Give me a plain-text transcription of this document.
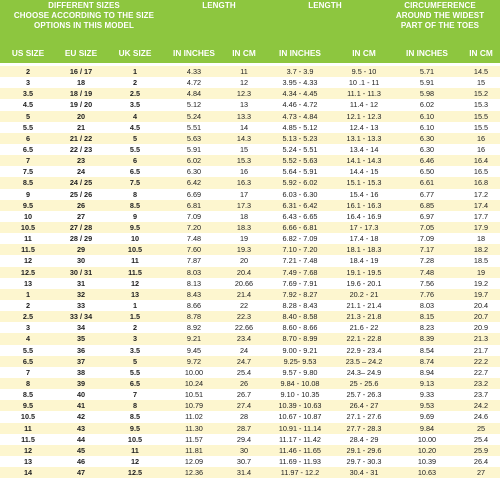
DIFFERENT SIZES
CHOOSE ACCORDING TO THE SIZE
OPTIONS IN THIS MODEL
LENGTH	LENGTH	CIRCUMFERENCE
AROUND THE WIDEST
PART OF THE TOES
US SIZE	EU SIZE	UK SIZE	IN INCHES	IN CM	IN INCHES	IN CM	IN INCHES	IN CM
2	16 / 17	1	4.33	11	3.7 - 3.9	9.5 - 10	5.71	14.5
3	18	2	4.72	12	3.95 - 4.33	10 .1 - 11	5.91	15
3.5	18 / 19	2.5	4.84	12.3	4.34 - 4.45	11.1 - 11.3	5.98	15.2
4.5	19 / 20	3.5	5.12	13	4.46 - 4.72	11.4 - 12	6.02	15.3
5	20	4	5.24	13.3	4.73 - 4.84	12.1 - 12.3	6.10	15.5
5.5	21	4.5	5.51	14	4.85 - 5.12	12.4 - 13	6.10	15.5
6	21 / 22	5	5.63	14.3	5.13 - 5.23	13.1 - 13.3	6.30	16
6.5	22 / 23	5.5	5.91	15	5.24 - 5.51	13.4 - 14	6.30	16
7	23	6	6.02	15.3	5.52 - 5.63	14.1 - 14.3	6.46	16.4
7.5	24	6.5	6.30	16	5.64 - 5.91	14.4 - 15	6.50	16.5
8.5	24 / 25	7.5	6.42	16.3	5.92 - 6.02	15.1 - 15.3	6.61	16.8
9	25 / 26	8	6.69	17	6.03 - 6.30	15.4 - 16	6.77	17.2
9.5	26	8.5	6.81	17.3	6.31 - 6.42	16.1 - 16.3	6.85	17.4
10	27	9	7.09	18	6.43 - 6.65	16.4 - 16.9	6.97	17.7
10.5	27 / 28	9.5	7.20	18.3	6.66 - 6.81	17 - 17.3	7.05	17.9
11	28 / 29	10	7.48	19	6.82 - 7.09	17.4 - 18	7.09	18
11.5	29	10.5	7.60	19.3	7.10 - 7.20	18.1 - 18.3	7.17	18.2
12	30	11	7.87	20	7.21 - 7.48	18.4 - 19	7.28	18.5
12.5	30 / 31	11.5	8.03	20.4	7.49 - 7.68	19.1 - 19.5	7.48	19
13	31	12	8.13	20.66	7.69 - 7.91	19.6 - 20.1	7.56	19.2
1	32	13	8.43	21.4	7.92 - 8.27	20.2 - 21	7.76	19.7
2	33	1	8.66	22	8.28 - 8.43	21.1 - 21.4	8.03	20.4
2.5	33 / 34	1.5	8.78	22.3	8.40 - 8.58	21.3 - 21.8	8.15	20.7
3	34	2	8.92	22.66	8.60 - 8.66	21.6 - 22	8.23	20.9
4	35	3	9.21	23.4	8.70 - 8.99	22.1 - 22.8	8.39	21.3
5.5	36	3.5	9.45	24	9.00 - 9.21	22.9 - 23.4	8.54	21.7
6.5	37	5	9.72	24.7	9.25- 9.53	23.5 – 24.2	8.74	22.2
7	38	5.5	10.00	25.4	9.57 - 9.80	24.3– 24.9	8.94	22.7
8	39	6.5	10.24	26	9.84 - 10.08	25 - 25.6	9.13	23.2
8.5	40	7	10.51	26.7	9.10 - 10.35	25.7 - 26.3	9.33	23.7
9.5	41	8	10.79	27.4	10.39 - 10.63	26.4 - 27	9.53	24.2
10.5	42	8.5	11.02	28	10.67 - 10.87	27.1 - 27.6	9.69	24.6
11	43	9.5	11.30	28.7	10.91 - 11.14	27.7 - 28.3	9.84	25
11.5	44	10.5	11.57	29.4	11.17 - 11.42	28.4 - 29	10.00	25.4
12	45	11	11.81	30	11.46 - 11.65	29.1 - 29.6	10.20	25.9
13	46	12	12.09	30.7	11.69 - 11.93	29.7 - 30.3	10.39	26.4
14	47	12.5	12.36	31.4	11.97 - 12.2	30.4 - 31	10.63	27
